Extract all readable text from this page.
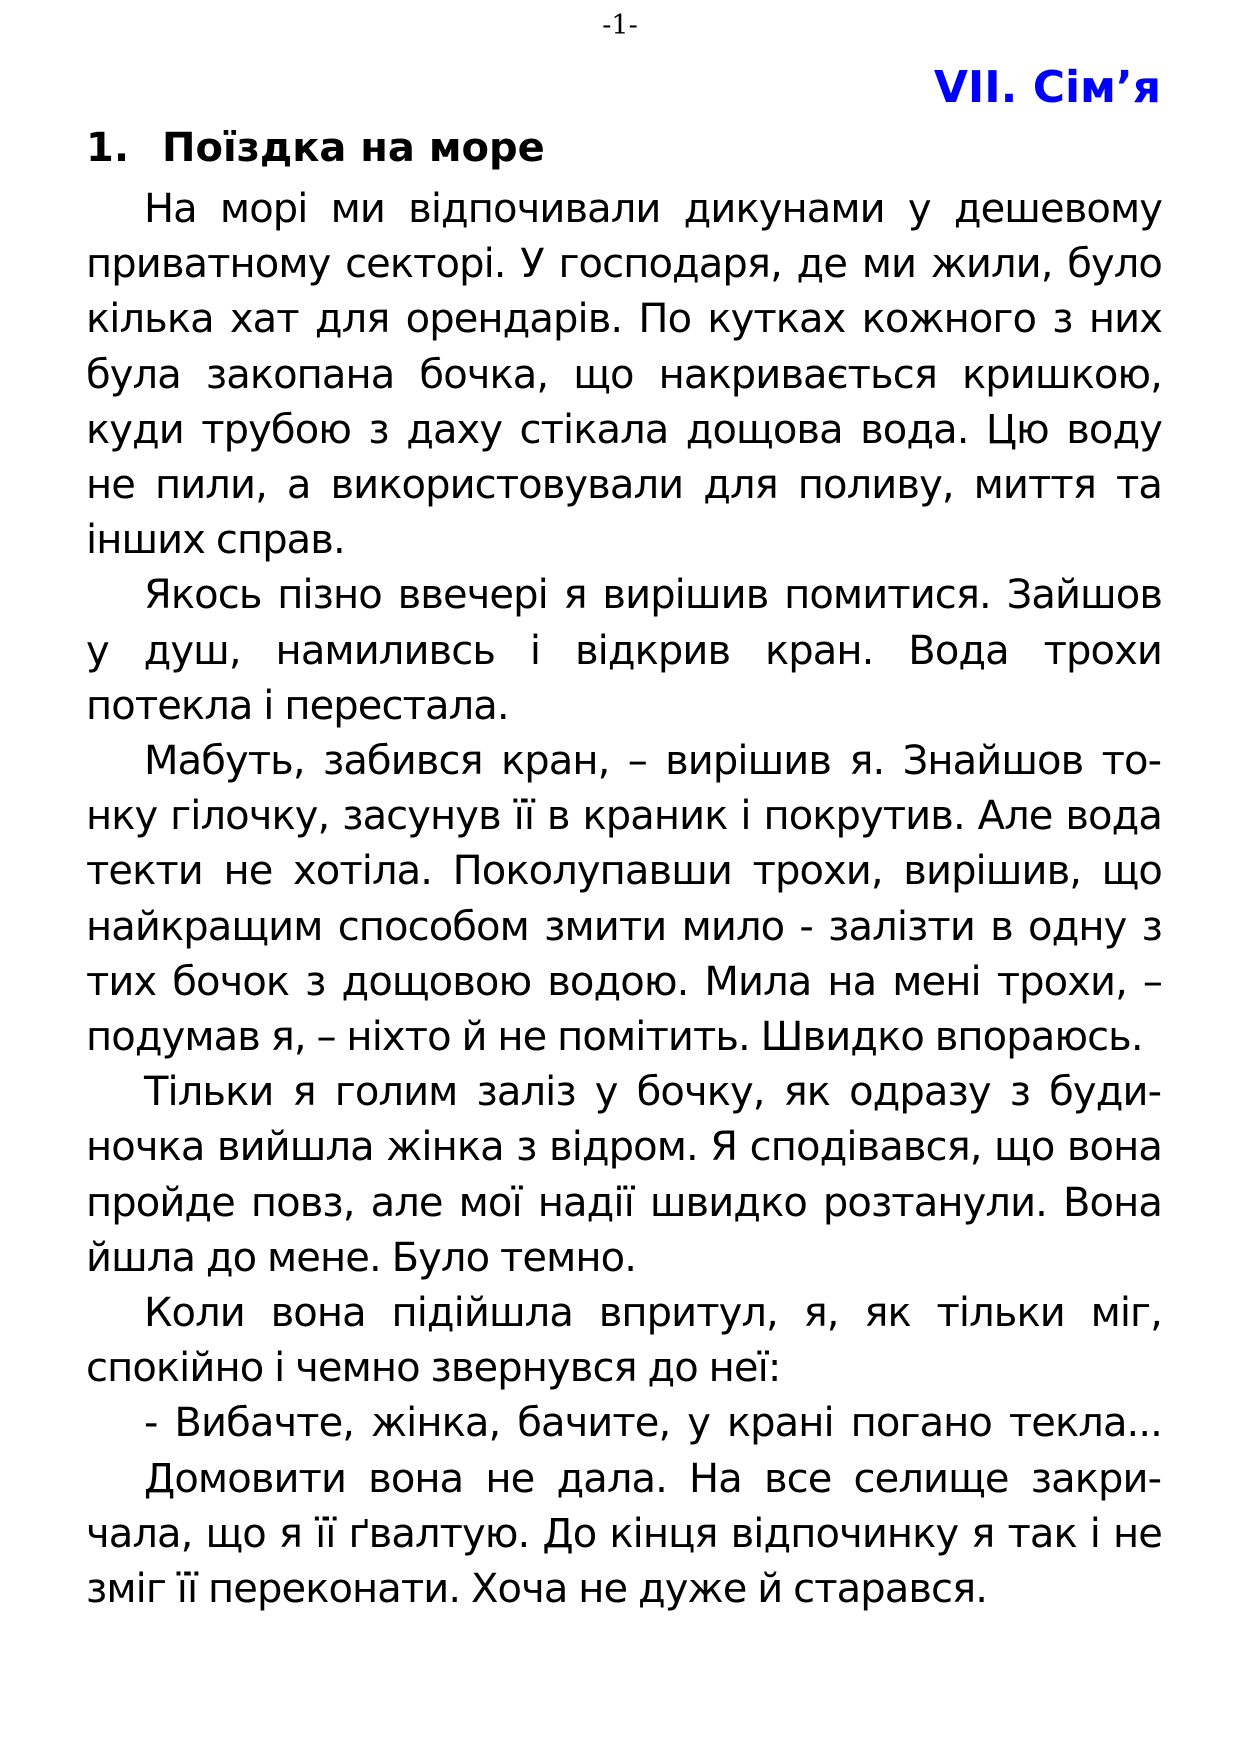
-1-
VII. Сім’я
1. Поїздка на море

На морі ми відпочивали дикунами у дешевому приватному секторі. У господаря, де ми жили, було кілька хат для орендарів. По кутках кожного з них була закопана бочка, що накривається кришкою, куди трубою з даху стікала дощова вода. Цю воду не пили, а використовували для поливу, миття та інших справ.

Якось пізно ввечері я вирішив помитися. Зайшов у душ, намиливсь і відкрив кран. Вода трохи потекла і перестала.

Мабуть, забився кран, – вирішив я. Знайшов тонку гілочку, засунув її в краник і покрутив. Але вода текти не хотіла. Поколупавши трохи, вирішив, що найкращим способом змити мило - залізти в одну з тих бочок з дощовою водою. Мила на мені трохи, – подумав я, – ніхто й не помітить. Швидко впораюсь.

Тільки я голим заліз у бочку, як одразу з будиночка вийшла жінка з відром. Я сподівався, що вона пройде повз, але мої надії швидко розтанули. Вона йшла до мене. Було темно.

Коли вона підійшла впритул, я, як тільки міг, спокійно і чемно звернувся до неї:

- Вибачте, жінка, бачите, у крані погано текла...

Домовити вона не дала. На все селище закричала, що я її ґвалтую. До кінця відпочинку я так і не зміг її переконати. Хоча не дуже й старався.
